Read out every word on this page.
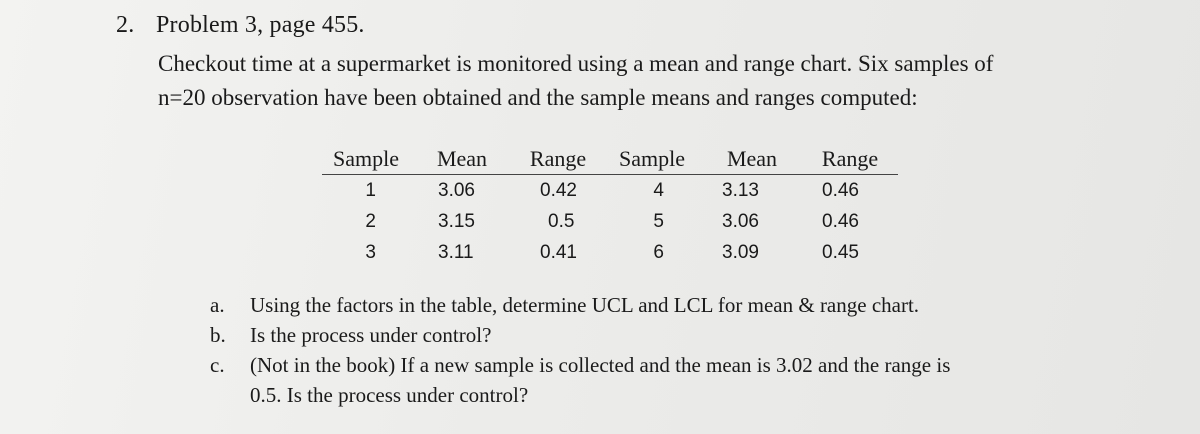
2. Problem 3, page 455.
Checkout time at a supermarket is monitored using a mean and range chart. Six samples of
n=20 observation have been obtained and the sample means and ranges computed:
Sample	Mean	Range	Sample	Mean	Range
1	3.06	0.42	4	3.13	0.46
2	3.15	0.5	5	3.06	0.46
3	3.11	0.41	6	3.09	0.45
a.	Using the factors in the table, determine UCL and LCL for mean & range chart.
b.	Is the process under control?
c.	(Not in the book) If a new sample is collected and the mean is 3.02 and the range is
0.5. Is the process under control?
